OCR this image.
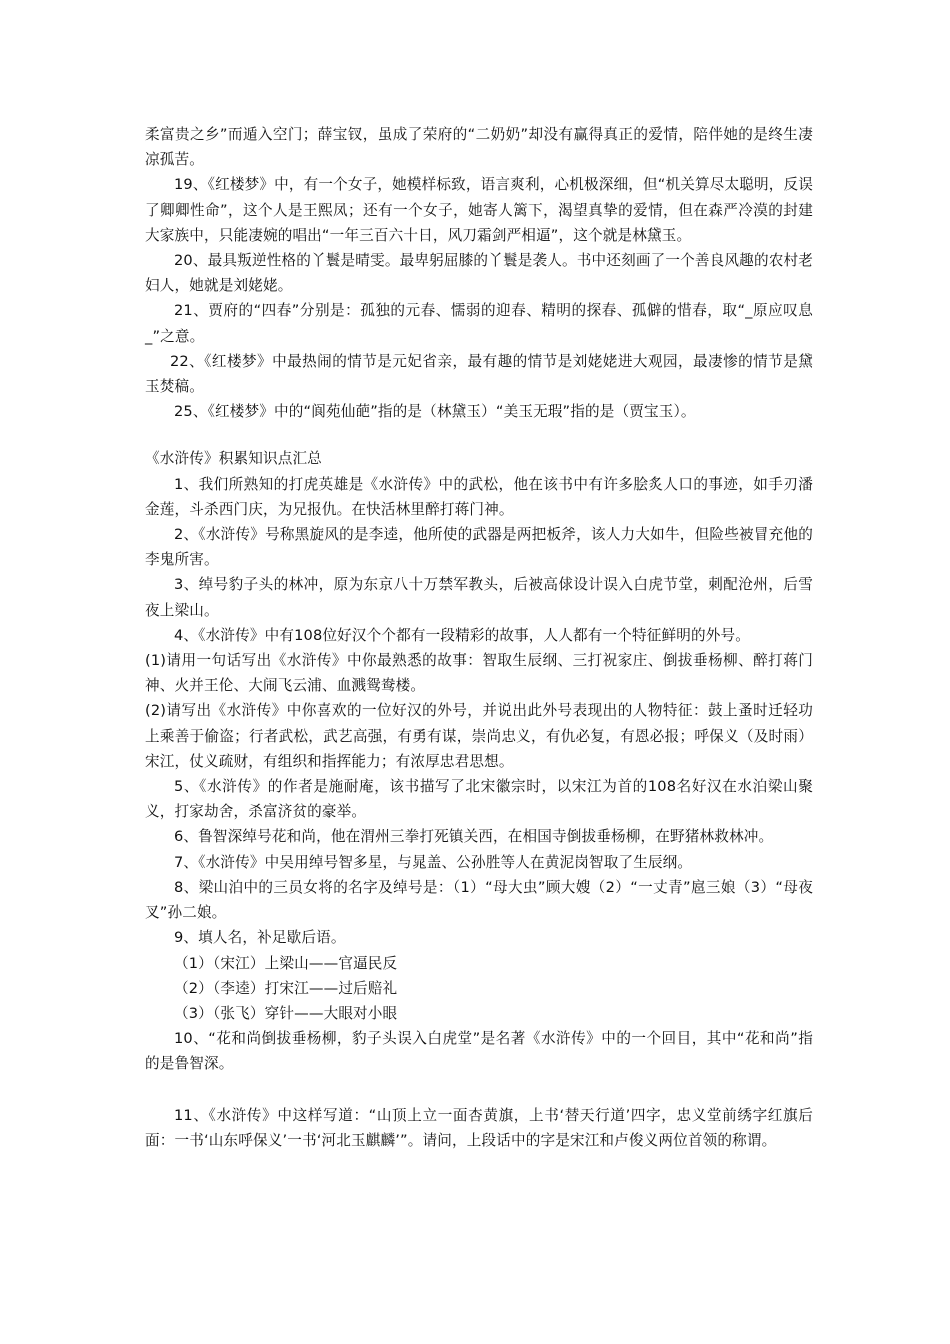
柔富贵之乡”而遁入空门；薛宝钗，虽成了荣府的“二奶奶”却没有赢得真正的爱情，陪伴她的是终生凄凉孤苦。

19、《红楼梦》中，有一个女子，她模样标致，语言爽利，心机极深细，但“机关算尽太聪明，反误了卿卿性命”，这个人是王熙凤；还有一个女子，她寄人篱下，渴望真挚的爱情，但在森严冷漠的封建大家族中，只能凄婉的唱出“一年三百六十日，风刀霜剑严相逼”，这个就是林黛玉。

20、最具叛逆性格的丫鬟是晴雯。最卑躬屈膝的丫鬟是袭人。书中还刻画了一个善良风趣的农村老妇人，她就是刘姥姥。

21、贾府的“四春”分别是：孤独的元春、懦弱的迎春、精明的探春、孤僻的惜春，取“_原应叹息_”之意。

22、《红楼梦》中最热闹的情节是元妃省亲，最有趣的情节是刘姥姥进大观园，最凄惨的情节是黛玉焚稿。

25、《红楼梦》中的“阆苑仙葩”指的是（林黛玉）“美玉无瑕”指的是（贾宝玉）。

《水浒传》积累知识点汇总

1、我们所熟知的打虎英雄是《水浒传》中的武松，他在该书中有许多脍炙人口的事迹，如手刃潘金莲，斗杀西门庆，为兄报仇。在快活林里醉打蒋门神。

2、《水浒传》号称黑旋风的是李逵，他所使的武器是两把板斧，该人力大如牛，但险些被冒充他的李鬼所害。

3、绰号豹子头的林冲，原为东京八十万禁军教头，后被高俅设计误入白虎节堂，刺配沧州，后雪夜上梁山。

4、《水浒传》中有108位好汉个个都有一段精彩的故事，人人都有一个特征鲜明的外号。

(1)请用一句话写出《水浒传》中你最熟悉的故事：智取生辰纲、三打祝家庄、倒拔垂杨柳、醉打蒋门神、火并王伦、大闹飞云浦、血溅鸳鸯楼。

(2)请写出《水浒传》中你喜欢的一位好汉的外号，并说出此外号表现出的人物特征：鼓上蚤时迁轻功上乘善于偷盗；行者武松，武艺高强，有勇有谋，崇尚忠义，有仇必复，有恩必报；呼保义（及时雨）宋江，仗义疏财，有组织和指挥能力；有浓厚忠君思想。

5、《水浒传》的作者是施耐庵，该书描写了北宋徽宗时，以宋江为首的108名好汉在水泊梁山聚义，打家劫舍，杀富济贫的豪举。

6、鲁智深绰号花和尚，他在渭州三拳打死镇关西，在相国寺倒拔垂杨柳，在野猪林救林冲。

7、《水浒传》中吴用绰号智多星，与晁盖、公孙胜等人在黄泥岗智取了生辰纲。

8、梁山泊中的三员女将的名字及绰号是：（1）“母大虫”顾大嫂（2）“一丈青”扈三娘（3）“母夜叉”孙二娘。

9、填人名，补足歇后语。

（1）（宋江）上梁山——官逼民反

（2）（李逵）打宋江——过后赔礼

（3）（张飞）穿针——大眼对小眼

10、“花和尚倒拔垂杨柳，豹子头误入白虎堂”是名著《水浒传》中的一个回目，其中“花和尚”指的是鲁智深。

11、《水浒传》中这样写道：“山顶上立一面杏黄旗，上书‘替天行道’四字，忠义堂前绣字红旗后面：一书‘山东呼保义’一书‘河北玉麒麟’”。请问，上段话中的字是宋江和卢俊义两位首领的称谓。
